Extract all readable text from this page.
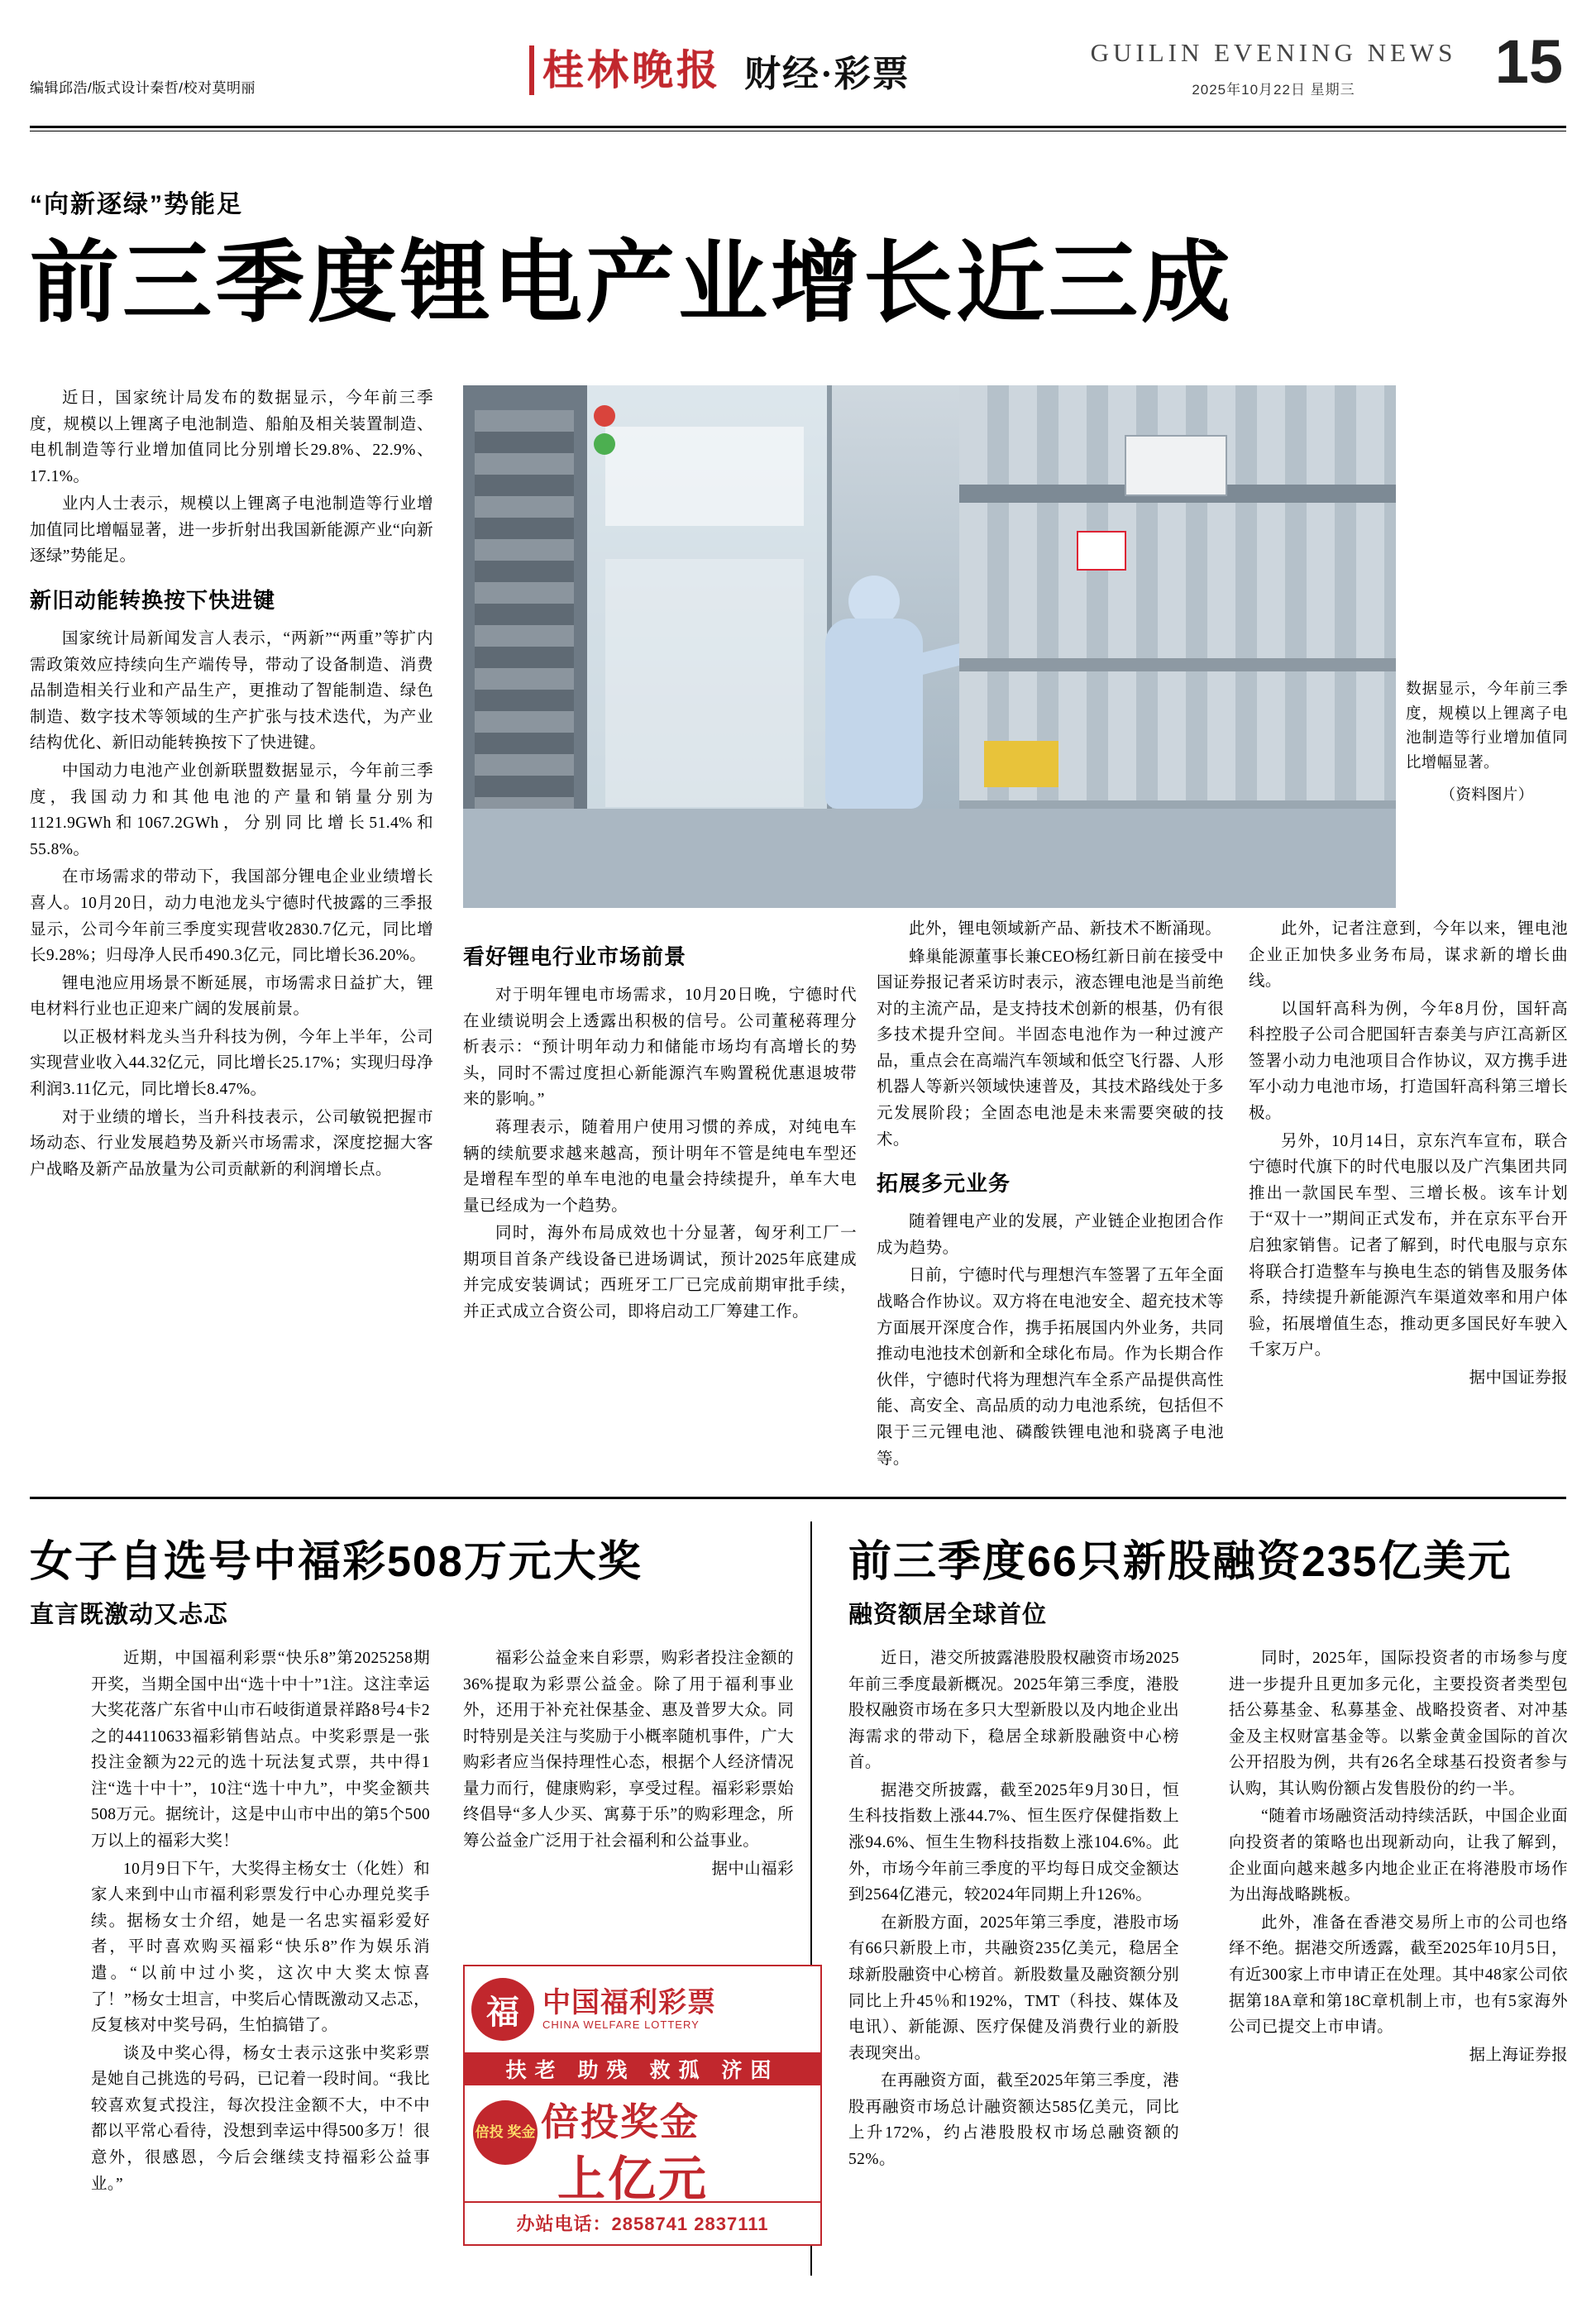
编辑邱浩/版式设计秦哲/校对莫明丽	桂林晚报 财经·彩票
GUILIN EVENING NEWS
2025年10月22日 星期三	15
“向新逐绿”势能足
前三季度锂电产业增长近三成

数据显示，今年前三季度，规模以上锂离子电池制造等行业增加值同比增幅显著。

（资料图片）

近日，国家统计局发布的数据显示，今年前三季度，规模以上锂离子电池制造、船舶及相关装置制造、电机制造等行业增加值同比分别增长29.8%、22.9%、17.1%。

业内人士表示，规模以上锂离子电池制造等行业增加值同比增幅显著，进一步折射出我国新能源产业“向新逐绿”势能足。

新旧动能转换按下快进键

国家统计局新闻发言人表示，“两新”“两重”等扩内需政策效应持续向生产端传导，带动了设备制造、消费品制造相关行业和产品生产，更推动了智能制造、绿色制造、数字技术等领域的生产扩张与技术迭代，为产业结构优化、新旧动能转换按下了快进键。

中国动力电池产业创新联盟数据显示，今年前三季度，我国动力和其他电池的产量和销量分别为1121.9GWh和1067.2GWh，分别同比增长51.4%和55.8%。

在市场需求的带动下，我国部分锂电企业业绩增长喜人。10月20日，动力电池龙头宁德时代披露的三季报显示，公司今年前三季度实现营收2830.7亿元，同比增长9.28%；归母净人民币490.3亿元，同比增长36.20%。

锂电池应用场景不断延展，市场需求日益扩大，锂电材料行业也正迎来广阔的发展前景。

以正极材料龙头当升科技为例，今年上半年，公司实现营业收入44.32亿元，同比增长25.17%；实现归母净利润3.11亿元，同比增长8.47%。

对于业绩的增长，当升科技表示，公司敏锐把握市场动态、行业发展趋势及新兴市场需求，深度挖掘大客户战略及新产品放量为公司贡献新的利润增长点。

看好锂电行业市场前景

对于明年锂电市场需求，10月20日晚，宁德时代在业绩说明会上透露出积极的信号。公司董秘蒋理分析表示：“预计明年动力和储能市场均有高增长的势头，同时不需过度担心新能源汽车购置税优惠退坡带来的影响。”

蒋理表示，随着用户使用习惯的养成，对纯电车辆的续航要求越来越高，预计明年不管是纯电车型还是增程车型的单车电池的电量会持续提升，单车大电量已经成为一个趋势。

同时，海外布局成效也十分显著，匈牙利工厂一期项目首条产线设备已进场调试，预计2025年底建成并完成安装调试；西班牙工厂已完成前期审批手续，并正式成立合资公司，即将启动工厂筹建工作。

此外，锂电领域新产品、新技术不断涌现。

蜂巢能源董事长兼CEO杨红新日前在接受中国证券报记者采访时表示，液态锂电池是当前绝对的主流产品，是支持技术创新的根基，仍有很多技术提升空间。半固态电池作为一种过渡产品，重点会在高端汽车领域和低空飞行器、人形机器人等新兴领域快速普及，其技术路线处于多元发展阶段；全固态电池是未来需要突破的技术。

拓展多元业务

随着锂电产业的发展，产业链企业抱团合作成为趋势。

日前，宁德时代与理想汽车签署了五年全面战略合作协议。双方将在电池安全、超充技术等方面展开深度合作，携手拓展国内外业务，共同推动电池技术创新和全球化布局。作为长期合作伙伴，宁德时代将为理想汽车全系产品提供高性能、高安全、高品质的动力电池系统，包括但不限于三元锂电池、磷酸铁锂电池和骁离子电池等。

此外，记者注意到，今年以来，锂电池企业正加快多业务布局，谋求新的增长曲线。

以国轩高科为例，今年8月份，国轩高科控股子公司合肥国轩吉泰美与庐江高新区签署小动力电池项目合作协议，双方携手进军小动力电池市场，打造国轩高科第三增长极。

另外，10月14日，京东汽车宣布，联合宁德时代旗下的时代电服以及广汽集团共同推出一款国民车型、三增长极。该车计划于“双十一”期间正式发布，并在京东平台开启独家销售。记者了解到，时代电服与京东将联合打造整车与换电生态的销售及服务体系，持续提升新能源汽车渠道效率和用户体验，拓展增值生态，推动更多国民好车驶入千家万户。

据中国证券报

女子自选号中福彩508万元大奖
直言既激动又忐忑

近期，中国福利彩票“快乐8”第2025258期开奖，当期全国中出“选十中十”1注。这注幸运大奖花落广东省中山市石岐街道景祥路8号4卡2之的44110633福彩销售站点。中奖彩票是一张投注金额为22元的选十玩法复式票，共中得1注“选十中十”，10注“选十中九”，中奖金额共508万元。据统计，这是中山市中出的第5个500万以上的福彩大奖！

10月9日下午，大奖得主杨女士（化姓）和家人来到中山市福利彩票发行中心办理兑奖手续。据杨女士介绍，她是一名忠实福彩爱好者，平时喜欢购买福彩“快乐8”作为娱乐消遣。“以前中过小奖，这次中大奖太惊喜了！”杨女士坦言，中奖后心情既激动又忐忑，反复核对中奖号码，生怕搞错了。

谈及中奖心得，杨女士表示这张中奖彩票是她自己挑选的号码，已记着一段时间。“我比较喜欢复式投注，每次投注金额不大，中不中都以平常心看待，没想到幸运中得500多万！很意外，很感恩，今后会继续支持福彩公益事业。”

福彩公益金来自彩票，购彩者投注金额的36%提取为彩票公益金。除了用于福利事业外，还用于补充社保基金、惠及普罗大众。同时特别是关注与奖励于小概率随机事件，广大购彩者应当保持理性心态，根据个人经济情况量力而行，健康购彩，享受过程。福彩彩票始终倡导“多人少买、寓募于乐”的购彩理念，所筹公益金广泛用于社会福利和公益事业。

据中山福彩

福 中国福利彩票
CHINA WELFARE LOTTERY
扶老 助残 救孤 济困
倍投 奖金 倍投奖金
上亿元
办站电话：2858741 2837111
前三季度66只新股融资235亿美元
融资额居全球首位

近日，港交所披露港股股权融资市场2025年前三季度最新概况。2025年第三季度，港股股权融资市场在多只大型新股以及内地企业出海需求的带动下，稳居全球新股融资中心榜首。

据港交所披露，截至2025年9月30日，恒生科技指数上涨44.7%、恒生医疗保健指数上涨94.6%、恒生生物科技指数上涨104.6%。此外，市场今年前三季度的平均每日成交金额达到2564亿港元，较2024年同期上升126%。

在新股方面，2025年第三季度，港股市场有66只新股上市，共融资235亿美元，稳居全球新股融资中心榜首。新股数量及融资额分别同比上升45％和192%，TMT（科技、媒体及电讯）、新能源、医疗保健及消费行业的新股表现突出。

在再融资方面，截至2025年第三季度，港股再融资市场总计融资额达585亿美元，同比上升172%，约占港股股权市场总融资额的52%。

同时，2025年，国际投资者的市场参与度进一步提升且更加多元化，主要投资者类型包括公募基金、私募基金、战略投资者、对冲基金及主权财富基金等。以紫金黄金国际的首次公开招股为例，共有26名全球基石投资者参与认购，其认购份额占发售股份的约一半。

“随着市场融资活动持续活跃，中国企业面向投资者的策略也出现新动向，让我了解到，企业面向越来越多内地企业正在将港股市场作为出海战略跳板。

此外，准备在香港交易所上市的公司也络绎不绝。据港交所透露，截至2025年10月5日，有近300家上市申请正在处理。其中48家公司依据第18A章和第18C章机制上市，也有5家海外公司已提交上市申请。

据上海证券报
